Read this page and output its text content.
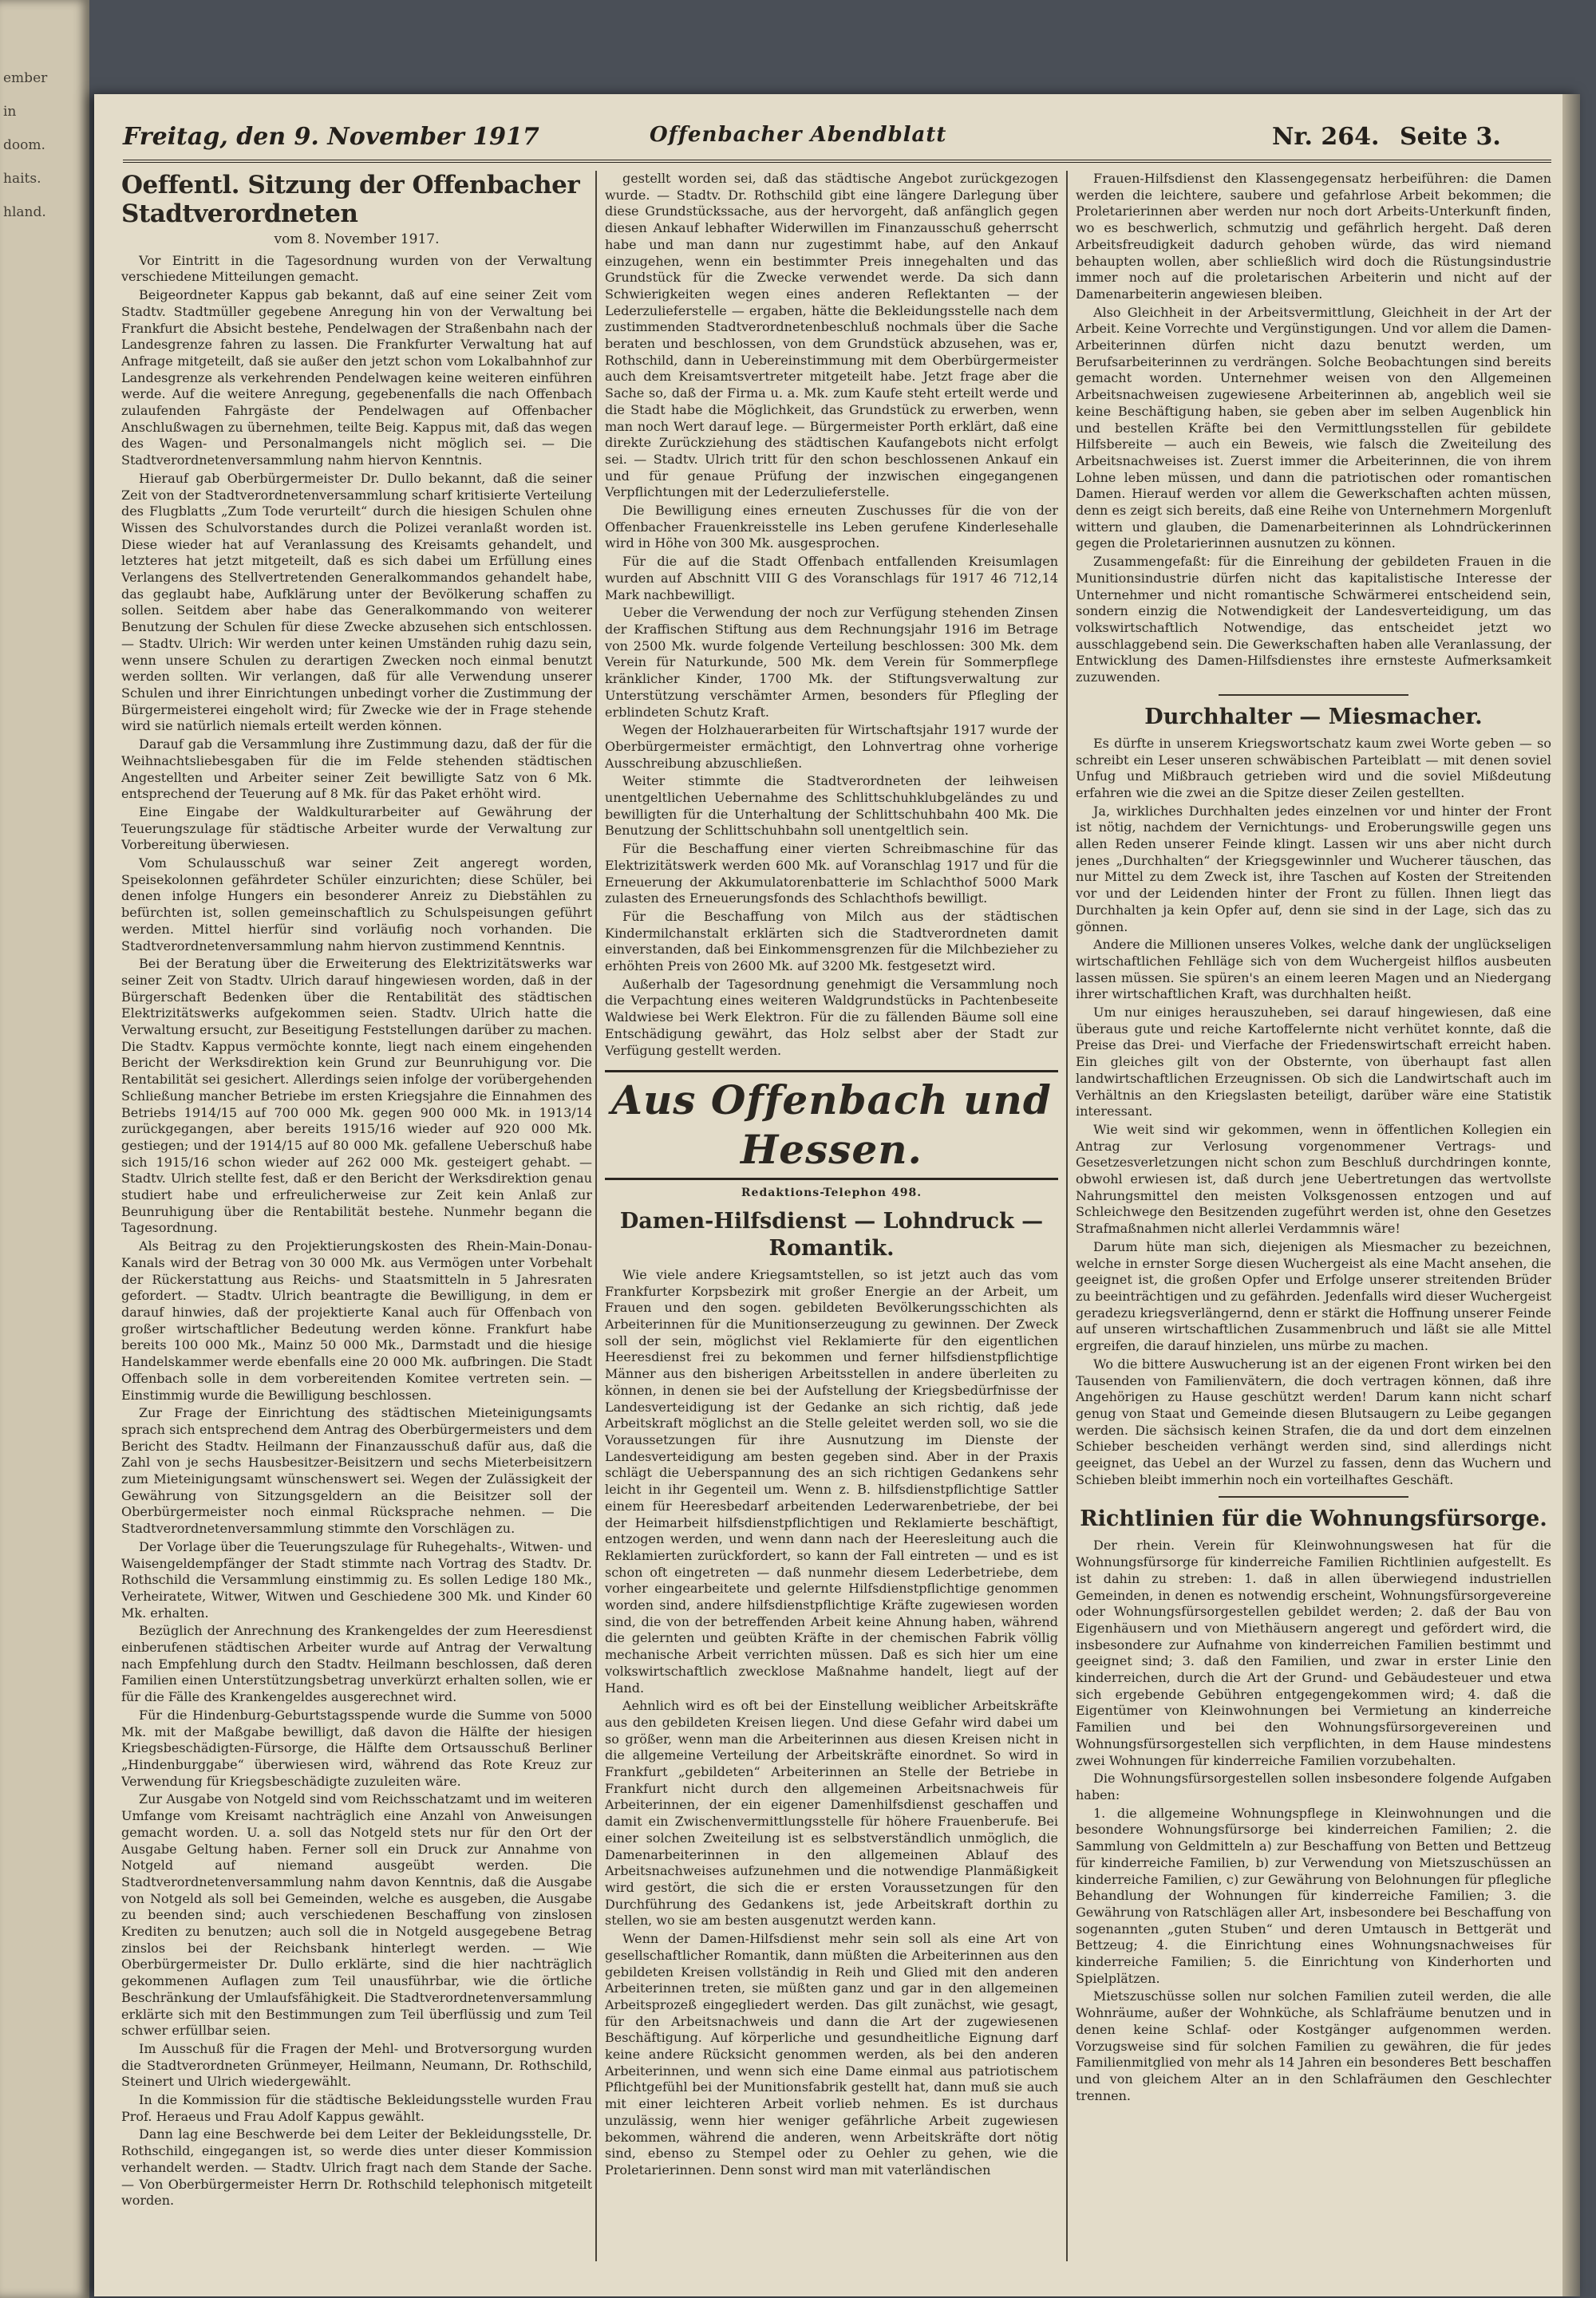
ember

in

doom.

haits.

hland.
Freitag, den 9. November 1917	Offenbacher Abendblatt	Nr. 264. Seite 3.
Oeffentl. Sitzung der Offenbacher Stadtverordneten
vom 8. November 1917.

Vor Eintritt in die Tagesordnung wurden von der Verwaltung verschiedene Mitteilungen gemacht.

Beigeordneter Kappus gab bekannt, daß auf eine seiner Zeit vom Stadtv. Stadtmüller gegebene Anregung hin von der Verwaltung bei Frankfurt die Absicht bestehe, Pendelwagen der Straßenbahn nach der Landesgrenze fahren zu lassen. Die Frankfurter Verwaltung hat auf Anfrage mitgeteilt, daß sie außer den jetzt schon vom Lokalbahnhof zur Landesgrenze als verkehrenden Pendelwagen keine weiteren einführen werde. Auf die weitere Anregung, gegebenenfalls die nach Offenbach zulaufenden Fahrgäste der Pendelwagen auf Offenbacher Anschlußwagen zu übernehmen, teilte Beig. Kappus mit, daß das wegen des Wagen- und Personalmangels nicht möglich sei. — Die Stadtverordnetenversammlung nahm hiervon Kenntnis.

Hierauf gab Oberbürgermeister Dr. Dullo bekannt, daß die seiner Zeit von der Stadtverordnetenversammlung scharf kritisierte Verteilung des Flugblatts „Zum Tode verurteilt“ durch die hiesigen Schulen ohne Wissen des Schulvorstandes durch die Polizei veranlaßt worden ist. Diese wieder hat auf Veranlassung des Kreisamts gehandelt, und letzteres hat jetzt mitgeteilt, daß es sich dabei um Erfüllung eines Verlangens des Stellvertretenden Generalkommandos gehandelt habe, das geglaubt habe, Aufklärung unter der Bevölkerung schaffen zu sollen. Seitdem aber habe das Generalkommando von weiterer Benutzung der Schulen für diese Zwecke abzusehen sich entschlossen. — Stadtv. Ulrich: Wir werden unter keinen Umständen ruhig dazu sein, wenn unsere Schulen zu derartigen Zwecken noch einmal benutzt werden sollten. Wir verlangen, daß für alle Verwendung unserer Schulen und ihrer Einrichtungen unbedingt vorher die Zustimmung der Bürgermeisterei eingeholt wird; für Zwecke wie der in Frage stehende wird sie natürlich niemals erteilt werden können.

Darauf gab die Versammlung ihre Zustimmung dazu, daß der für die Weihnachtsliebesgaben für die im Felde stehenden städtischen Angestellten und Arbeiter seiner Zeit bewilligte Satz von 6 Mk. entsprechend der Teuerung auf 8 Mk. für das Paket erhöht wird.

Eine Eingabe der Waldkulturarbeiter auf Gewährung der Teuerungszulage für städtische Arbeiter wurde der Verwaltung zur Vorbereitung überwiesen.

Vom Schulausschuß war seiner Zeit angeregt worden, Speisekolonnen gefährdeter Schüler einzurichten; diese Schüler, bei denen infolge Hungers ein besonderer Anreiz zu Diebstählen zu befürchten ist, sollen gemeinschaftlich zu Schulspeisungen geführt werden. Mittel hierfür sind vorläufig noch vorhanden. Die Stadtverordnetenversammlung nahm hiervon zustimmend Kenntnis.

Bei der Beratung über die Erweiterung des Elektrizitätswerks war seiner Zeit von Stadtv. Ulrich darauf hingewiesen worden, daß in der Bürgerschaft Bedenken über die Rentabilität des städtischen Elektrizitätswerks aufgekommen seien. Stadtv. Ulrich hatte die Verwaltung ersucht, zur Beseitigung Feststellungen darüber zu machen. Die Stadtv. Kappus vermöchte konnte, liegt nach einem eingehenden Bericht der Werksdirektion kein Grund zur Beunruhigung vor. Die Rentabilität sei gesichert. Allerdings seien infolge der vorübergehenden Schließung mancher Betriebe im ersten Kriegsjahre die Einnahmen des Betriebs 1914/15 auf 700 000 Mk. gegen 900 000 Mk. in 1913/14 zurückgegangen, aber bereits 1915/16 wieder auf 920 000 Mk. gestiegen; und der 1914/15 auf 80 000 Mk. gefallene Ueberschuß habe sich 1915/16 schon wieder auf 262 000 Mk. gesteigert gehabt. — Stadtv. Ulrich stellte fest, daß er den Bericht der Werksdirektion genau studiert habe und erfreulicherweise zur Zeit kein Anlaß zur Beunruhigung über die Rentabilität bestehe. Nunmehr begann die Tagesordnung.

Als Beitrag zu den Projektierungskosten des Rhein-Main-Donau-Kanals wird der Betrag von 30 000 Mk. aus Vermögen unter Vorbehalt der Rückerstattung aus Reichs- und Staatsmitteln in 5 Jahresraten gefordert. — Stadtv. Ulrich beantragte die Bewilligung, in dem er darauf hinwies, daß der projektierte Kanal auch für Offenbach von großer wirtschaftlicher Bedeutung werden könne. Frankfurt habe bereits 100 000 Mk., Mainz 50 000 Mk., Darmstadt und die hiesige Handelskammer werde ebenfalls eine 20 000 Mk. aufbringen. Die Stadt Offenbach solle in dem vorbereitenden Komitee vertreten sein. — Einstimmig wurde die Bewilligung beschlossen.

Zur Frage der Einrichtung des städtischen Mieteinigungsamts sprach sich entsprechend dem Antrag des Oberbürgermeisters und dem Bericht des Stadtv. Heilmann der Finanzausschuß dafür aus, daß die Zahl von je sechs Hausbesitzer-Beisitzern und sechs Mieterbeisitzern zum Mieteinigungsamt wünschenswert sei. Wegen der Zulässigkeit der Gewährung von Sitzungsgeldern an die Beisitzer soll der Oberbürgermeister noch einmal Rücksprache nehmen. — Die Stadtverordnetenversammlung stimmte den Vorschlägen zu.

Der Vorlage über die Teuerungszulage für Ruhegehalts-, Witwen- und Waisengeldempfänger der Stadt stimmte nach Vortrag des Stadtv. Dr. Rothschild die Versammlung einstimmig zu. Es sollen Ledige 180 Mk., Verheiratete, Witwer, Witwen und Geschiedene 300 Mk. und Kinder 60 Mk. erhalten.

Bezüglich der Anrechnung des Krankengeldes der zum Heeresdienst einberufenen städtischen Arbeiter wurde auf Antrag der Verwaltung nach Empfehlung durch den Stadtv. Heilmann beschlossen, daß deren Familien einen Unterstützungsbetrag unverkürzt erhalten sollen, wie er für die Fälle des Krankengeldes ausgerechnet wird.

Für die Hindenburg-Geburtstagsspende wurde die Summe von 5000 Mk. mit der Maßgabe bewilligt, daß davon die Hälfte der hiesigen Kriegsbeschädigten-Fürsorge, die Hälfte dem Ortsausschuß Berliner „Hindenburggabe“ überwiesen wird, während das Rote Kreuz zur Verwendung für Kriegsbeschädigte zuzuleiten wäre.

Zur Ausgabe von Notgeld sind vom Reichsschatzamt und im weiteren Umfange vom Kreisamt nachträglich eine Anzahl von Anweisungen gemacht worden. U. a. soll das Notgeld stets nur für den Ort der Ausgabe Geltung haben. Ferner soll ein Druck zur Annahme von Notgeld auf niemand ausgeübt werden. Die Stadtverordnetenversammlung nahm davon Kenntnis, daß die Ausgabe von Notgeld als soll bei Gemeinden, welche es ausgeben, die Ausgabe zu beenden sind; auch verschiedenen Beschaffung von zinslosen Krediten zu benutzen; auch soll die in Notgeld ausgegebene Betrag zinslos bei der Reichsbank hinterlegt werden. — Wie Oberbürgermeister Dr. Dullo erklärte, sind die hier nachträglich gekommenen Auflagen zum Teil unausführbar, wie die örtliche Beschränkung der Umlaufsfähigkeit. Die Stadtverordnetenversammlung erklärte sich mit den Bestimmungen zum Teil überflüssig und zum Teil schwer erfüllbar seien.

Im Ausschuß für die Fragen der Mehl- und Brotversorgung wurden die Stadtverordneten Grünmeyer, Heilmann, Neumann, Dr. Rothschild, Steinert und Ulrich wiedergewählt.

In die Kommission für die städtische Bekleidungsstelle wurden Frau Prof. Heraeus und Frau Adolf Kappus gewählt.

Dann lag eine Beschwerde bei dem Leiter der Bekleidungsstelle, Dr. Rothschild, eingegangen ist, so werde dies unter dieser Kommission verhandelt werden. — Stadtv. Ulrich fragt nach dem Stande der Sache. — Von Oberbürgermeister Herrn Dr. Rothschild telephonisch mitgeteilt worden.

gestellt worden sei, daß das städtische Angebot zurückgezogen wurde. — Stadtv. Dr. Rothschild gibt eine längere Darlegung über diese Grundstückssache, aus der hervorgeht, daß anfänglich gegen diesen Ankauf lebhafter Widerwillen im Finanzausschuß geherrscht habe und man dann nur zugestimmt habe, auf den Ankauf einzugehen, wenn ein bestimmter Preis innegehalten und das Grundstück für die Zwecke verwendet werde. Da sich dann Schwierigkeiten wegen eines anderen Reflektanten — der Lederzulieferstelle — ergaben, hätte die Bekleidungsstelle nach dem zustimmenden Stadtverordnetenbeschluß nochmals über die Sache beraten und beschlossen, von dem Grundstück abzusehen, was er, Rothschild, dann in Uebereinstimmung mit dem Oberbürgermeister auch dem Kreisamtsvertreter mitgeteilt habe. Jetzt frage aber die Sache so, daß der Firma u. a. Mk. zum Kaufe steht erteilt werde und die Stadt habe die Möglichkeit, das Grundstück zu erwerben, wenn man noch Wert darauf lege. — Bürgermeister Porth erklärt, daß eine direkte Zurückziehung des städtischen Kaufangebots nicht erfolgt sei. — Stadtv. Ulrich tritt für den schon beschlossenen Ankauf ein und für genaue Prüfung der inzwischen eingegangenen Verpflichtungen mit der Lederzulieferstelle.

Die Bewilligung eines erneuten Zuschusses für die von der Offenbacher Frauenkreisstelle ins Leben gerufene Kinderlesehalle wird in Höhe von 300 Mk. ausgesprochen.

Für die auf die Stadt Offenbach entfallenden Kreisumlagen wurden auf Abschnitt VIII G des Voranschlags für 1917 46 712,14 Mark nachbewilligt.

Ueber die Verwendung der noch zur Verfügung stehenden Zinsen der Kraffischen Stiftung aus dem Rechnungsjahr 1916 im Betrage von 2500 Mk. wurde folgende Verteilung beschlossen: 300 Mk. dem Verein für Naturkunde, 500 Mk. dem Verein für Sommerpflege kränklicher Kinder, 1700 Mk. der Stiftungsverwaltung zur Unterstützung verschämter Armen, besonders für Pflegling der erblindeten Schutz Kraft.

Wegen der Holzhauerarbeiten für Wirtschaftsjahr 1917 wurde der Oberbürgermeister ermächtigt, den Lohnvertrag ohne vorherige Ausschreibung abzuschließen.

Weiter stimmte die Stadtverordneten der leihweisen unentgeltlichen Uebernahme des Schlittschuhklubgeländes zu und bewilligten für die Unterhaltung der Schlittschuhbahn 400 Mk. Die Benutzung der Schlittschuhbahn soll unentgeltlich sein.

Für die Beschaffung einer vierten Schreibmaschine für das Elektrizitätswerk werden 600 Mk. auf Voranschlag 1917 und für die Erneuerung der Akkumulatorenbatterie im Schlachthof 5000 Mark zulasten des Erneuerungsfonds des Schlachthofs bewilligt.

Für die Beschaffung von Milch aus der städtischen Kindermilchanstalt erklärten sich die Stadtverordneten damit einverstanden, daß bei Einkommensgrenzen für die Milchbezieher zu erhöhten Preis von 2600 Mk. auf 3200 Mk. festgesetzt wird.

Außerhalb der Tagesordnung genehmigt die Versammlung noch die Verpachtung eines weiteren Waldgrundstücks in Pachtenbeseite Waldwiese bei Werk Elektron. Für die zu fällenden Bäume soll eine Entschädigung gewährt, das Holz selbst aber der Stadt zur Verfügung gestellt werden.

Aus Offenbach und Hessen.
Redaktions-Telephon 498.
Damen-Hilfsdienst — Lohndruck — Romantik.

Wie viele andere Kriegsamtstellen, so ist jetzt auch das vom Frankfurter Korpsbezirk mit großer Energie an der Arbeit, um Frauen und den sogen. gebildeten Bevölkerungsschichten als Arbeiterinnen für die Munitionserzeugung zu gewinnen. Der Zweck soll der sein, möglichst viel Reklamierte für den eigentlichen Heeresdienst frei zu bekommen und ferner hilfsdienstpflichtige Männer aus den bisherigen Arbeitsstellen in andere überleiten zu können, in denen sie bei der Aufstellung der Kriegsbedürfnisse der Landesverteidigung ist der Gedanke an sich richtig, daß jede Arbeitskraft möglichst an die Stelle geleitet werden soll, wo sie die Voraussetzungen für ihre Ausnutzung im Dienste der Landesverteidigung am besten gegeben sind. Aber in der Praxis schlägt die Ueberspannung des an sich richtigen Gedankens sehr leicht in ihr Gegenteil um. Wenn z. B. hilfsdienstpflichtige Sattler einem für Heeresbedarf arbeitenden Lederwarenbetriebe, der bei der Heimarbeit hilfsdienstpflichtigen und Reklamierte beschäftigt, entzogen werden, und wenn dann nach der Heeresleitung auch die Reklamierten zurückfordert, so kann der Fall eintreten — und es ist schon oft eingetreten — daß nunmehr diesem Lederbetriebe, dem vorher eingearbeitete und gelernte Hilfsdienstpflichtige genommen worden sind, andere hilfsdienstpflichtige Kräfte zugewiesen worden sind, die von der betreffenden Arbeit keine Ahnung haben, während die gelernten und geübten Kräfte in der chemischen Fabrik völlig mechanische Arbeit verrichten müssen. Daß es sich hier um eine volkswirtschaftlich zwecklose Maßnahme handelt, liegt auf der Hand.

Aehnlich wird es oft bei der Einstellung weiblicher Arbeitskräfte aus den gebildeten Kreisen liegen. Und diese Gefahr wird dabei um so größer, wenn man die Arbeiterinnen aus diesen Kreisen nicht in die allgemeine Verteilung der Arbeitskräfte einordnet. So wird in Frankfurt „gebildeten“ Arbeiterinnen an Stelle der Betriebe in Frankfurt nicht durch den allgemeinen Arbeitsnachweis für Arbeiterinnen, der ein eigener Damenhilfsdienst geschaffen und damit ein Zwischenvermittlungsstelle für höhere Frauenberufe. Bei einer solchen Zweiteilung ist es selbstverständlich unmöglich, die Damenarbeiterinnen in den allgemeinen Ablauf des Arbeitsnachweises aufzunehmen und die notwendige Planmäßigkeit wird gestört, die sich die er ersten Voraussetzungen für den Durchführung des Gedankens ist, jede Arbeitskraft dorthin zu stellen, wo sie am besten ausgenutzt werden kann.

Wenn der Damen-Hilfsdienst mehr sein soll als eine Art von gesellschaftlicher Romantik, dann müßten die Arbeiterinnen aus den gebildeten Kreisen vollständig in Reih und Glied mit den anderen Arbeiterinnen treten, sie müßten ganz und gar in den allgemeinen Arbeitsprozeß eingegliedert werden. Das gilt zunächst, wie gesagt, für den Arbeitsnachweis und dann die Art der zugewiesenen Beschäftigung. Auf körperliche und gesundheitliche Eignung darf keine andere Rücksicht genommen werden, als bei den anderen Arbeiterinnen, und wenn sich eine Dame einmal aus patriotischem Pflichtgefühl bei der Munitionsfabrik gestellt hat, dann muß sie auch mit einer leichteren Arbeit vorlieb nehmen. Es ist durchaus unzulässig, wenn hier weniger gefährliche Arbeit zugewiesen bekommen, während die anderen, wenn Arbeitskräfte dort nötig sind, ebenso zu Stempel oder zu Oehler zu gehen, wie die Proletarierinnen. Denn sonst wird man mit vaterländischen

Frauen-Hilfsdienst den Klassengegensatz herbeiführen: die Damen werden die leichtere, saubere und gefahrlose Arbeit bekommen; die Proletarierinnen aber werden nur noch dort Arbeits-Unterkunft finden, wo es beschwerlich, schmutzig und gefährlich hergeht. Daß deren Arbeitsfreudigkeit dadurch gehoben würde, das wird niemand behaupten wollen, aber schließlich wird doch die Rüstungsindustrie immer noch auf die proletarischen Arbeiterin und nicht auf der Damenarbeiterin angewiesen bleiben.

Also Gleichheit in der Arbeitsvermittlung, Gleichheit in der Art der Arbeit. Keine Vorrechte und Vergünstigungen. Und vor allem die Damen-Arbeiterinnen dürfen nicht dazu benutzt werden, um Berufsarbeiterinnen zu verdrängen. Solche Beobachtungen sind bereits gemacht worden. Unternehmer weisen von den Allgemeinen Arbeitsnachweisen zugewiesene Arbeiterinnen ab, angeblich weil sie keine Beschäftigung haben, sie geben aber im selben Augenblick hin und bestellen Kräfte bei den Vermittlungsstellen für gebildete Hilfsbereite — auch ein Beweis, wie falsch die Zweiteilung des Arbeitsnachweises ist. Zuerst immer die Arbeiterinnen, die von ihrem Lohne leben müssen, und dann die patriotischen oder romantischen Damen. Hierauf werden vor allem die Gewerkschaften achten müssen, denn es zeigt sich bereits, daß eine Reihe von Unternehmern Morgenluft wittern und glauben, die Damenarbeiterinnen als Lohndrückerinnen gegen die Proletarierinnen ausnutzen zu können.

Zusammengefaßt: für die Einreihung der gebildeten Frauen in die Munitionsindustrie dürfen nicht das kapitalistische Interesse der Unternehmer und nicht romantische Schwärmerei entscheidend sein, sondern einzig die Notwendigkeit der Landesverteidigung, um das volkswirtschaftlich Notwendige, das entscheidet jetzt wo ausschlaggebend sein. Die Gewerkschaften haben alle Veranlassung, der Entwicklung des Damen-Hilfsdienstes ihre ernsteste Aufmerksamkeit zuzuwenden.

Durchhalter — Miesmacher.

Es dürfte in unserem Kriegswortschatz kaum zwei Worte geben — so schreibt ein Leser unseren schwäbischen Parteiblatt — mit denen soviel Unfug und Mißbrauch getrieben wird und die soviel Mißdeutung erfahren wie die zwei an die Spitze dieser Zeilen gestellten.

Ja, wirkliches Durchhalten jedes einzelnen vor und hinter der Front ist nötig, nachdem der Vernichtungs- und Eroberungswille gegen uns allen Reden unserer Feinde klingt. Lassen wir uns aber nicht durch jenes „Durchhalten“ der Kriegsgewinnler und Wucherer täuschen, das nur Mittel zu dem Zweck ist, ihre Taschen auf Kosten der Streitenden vor und der Leidenden hinter der Front zu füllen. Ihnen liegt das Durchhalten ja kein Opfer auf, denn sie sind in der Lage, sich das zu gönnen.

Andere die Millionen unseres Volkes, welche dank der unglückseligen wirtschaftlichen Fehlläge sich von dem Wuchergeist hilflos ausbeuten lassen müssen. Sie spüren's an einem leeren Magen und an Niedergang ihrer wirtschaftlichen Kraft, was durchhalten heißt.

Um nur einiges herauszuheben, sei darauf hingewiesen, daß eine überaus gute und reiche Kartoffelernte nicht verhütet konnte, daß die Preise das Drei- und Vierfache der Friedenswirtschaft erreicht haben. Ein gleiches gilt von der Obsternte, von überhaupt fast allen landwirtschaftlichen Erzeugnissen. Ob sich die Landwirtschaft auch im Verhältnis an den Kriegslasten beteiligt, darüber wäre eine Statistik interessant.

Wie weit sind wir gekommen, wenn in öffentlichen Kollegien ein Antrag zur Verlosung vorgenommener Vertrags- und Gesetzesverletzungen nicht schon zum Beschluß durchdringen konnte, obwohl erwiesen ist, daß durch jene Uebertretungen das wertvollste Nahrungsmittel den meisten Volksgenossen entzogen und auf Schleichwege den Besitzenden zugeführt werden ist, ohne den Gesetzes Strafmaßnahmen nicht allerlei Verdammnis wäre!

Darum hüte man sich, diejenigen als Miesmacher zu bezeichnen, welche in ernster Sorge diesen Wuchergeist als eine Macht ansehen, die geeignet ist, die großen Opfer und Erfolge unserer streitenden Brüder zu beeinträchtigen und zu gefährden. Jedenfalls wird dieser Wuchergeist geradezu kriegsverlängernd, denn er stärkt die Hoffnung unserer Feinde auf unseren wirtschaftlichen Zusammenbruch und läßt sie alle Mittel ergreifen, die darauf hinzielen, uns mürbe zu machen.

Wo die bittere Auswucherung ist an der eigenen Front wirken bei den Tausenden von Familienvätern, die doch vertragen können, daß ihre Angehörigen zu Hause geschützt werden! Darum kann nicht scharf genug von Staat und Gemeinde diesen Blutsaugern zu Leibe gegangen werden. Die sächsisch keinen Strafen, die da und dort dem einzelnen Schieber bescheiden verhängt werden sind, sind allerdings nicht geeignet, das Uebel an der Wurzel zu fassen, denn das Wuchern und Schieben bleibt immerhin noch ein vorteilhaftes Geschäft.

Richtlinien für die Wohnungsfürsorge.

Der rhein. Verein für Kleinwohnungswesen hat für die Wohnungsfürsorge für kinderreiche Familien Richtlinien aufgestellt. Es ist dahin zu streben: 1. daß in allen überwiegend industriellen Gemeinden, in denen es notwendig erscheint, Wohnungsfürsorgevereine oder Wohnungsfürsorgestellen gebildet werden; 2. daß der Bau von Eigenhäusern und von Miethäusern angeregt und gefördert wird, die insbesondere zur Aufnahme von kinderreichen Familien bestimmt und geeignet sind; 3. daß den Familien, und zwar in erster Linie den kinderreichen, durch die Art der Grund- und Gebäudesteuer und etwa sich ergebende Gebühren entgegengekommen wird; 4. daß die Eigentümer von Kleinwohnungen bei Vermietung an kinderreiche Familien und bei den Wohnungsfürsorgevereinen und Wohnungsfürsorgestellen sich verpflichten, in dem Hause mindestens zwei Wohnungen für kinderreiche Familien vorzubehalten.

Die Wohnungsfürsorgestellen sollen insbesondere folgende Aufgaben haben:

1. die allgemeine Wohnungspflege in Kleinwohnungen und die besondere Wohnungsfürsorge bei kinderreichen Familien; 2. die Sammlung von Geldmitteln a) zur Beschaffung von Betten und Bettzeug für kinderreiche Familien, b) zur Verwendung von Mietszuschüssen an kinderreiche Familien, c) zur Gewährung von Belohnungen für pflegliche Behandlung der Wohnungen für kinderreiche Familien; 3. die Gewährung von Ratschlägen aller Art, insbesondere bei Beschaffung von sogenannten „guten Stuben“ und deren Umtausch in Bettgerät und Bettzeug; 4. die Einrichtung eines Wohnungsnachweises für kinderreiche Familien; 5. die Einrichtung von Kinderhorten und Spielplätzen.

Mietszuschüsse sollen nur solchen Familien zuteil werden, die alle Wohnräume, außer der Wohnküche, als Schlafräume benutzen und in denen keine Schlaf- oder Kostgänger aufgenommen werden. Vorzugsweise sind für solchen Familien zu gewähren, die für jedes Familienmitglied von mehr als 14 Jahren ein besonderes Bett beschaffen und von gleichem Alter an in den Schlafräumen den Geschlechter trennen.
